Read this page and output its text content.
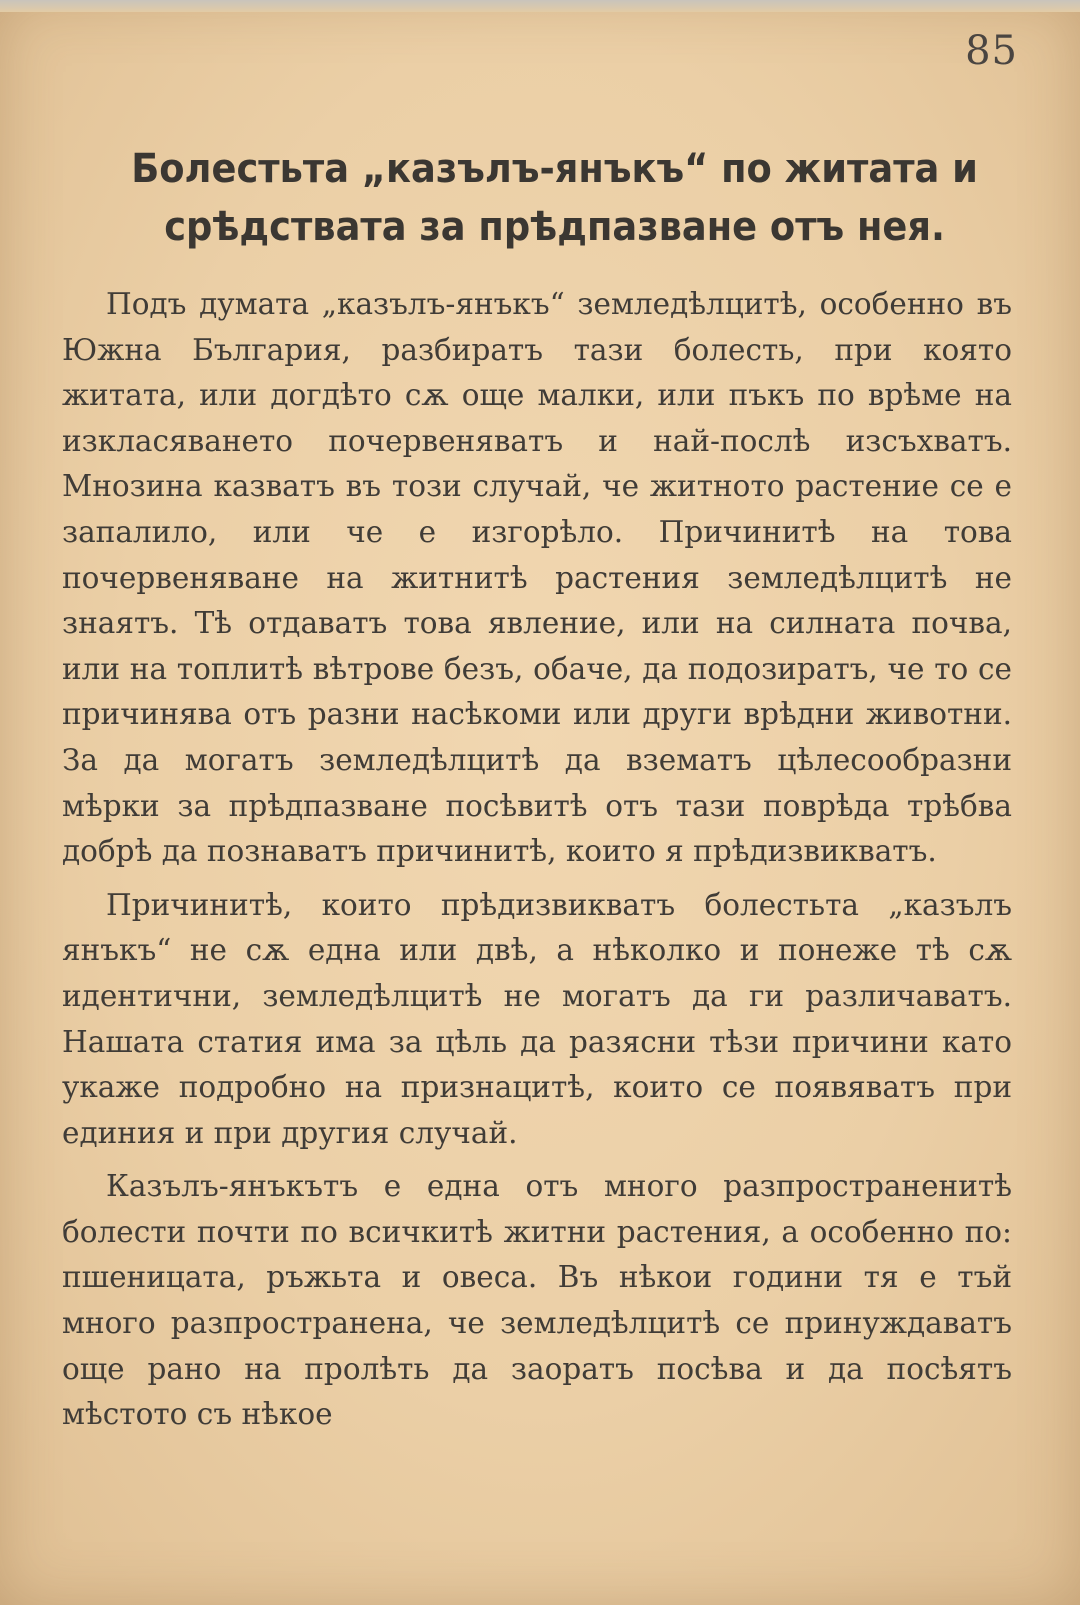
85
Болестьта „казълъ-янъкъ“ по житата и
срѣдствата за прѣдпазване отъ нея.

Подъ думата „казълъ-янъкъ“ земледѣлцитѣ, особенно въ Южна България, разбиратъ тази болесть, при която житата, или догдѣто сѫ още малки, или пъкъ по врѣме на изкласяването почервеняватъ и най-послѣ изсъхватъ. Мнозина казватъ въ този случай, че житното растение се е запалило, или че е изгорѣло. Причинитѣ на това почервеняване на житнитѣ растения земледѣлцитѣ не знаятъ. Тѣ отдаватъ това явление, или на силната почва, или на топлитѣ вѣтрове безъ, обаче, да подозиратъ, че то се причинява отъ разни насѣкоми или други врѣдни животни. За да могатъ земледѣлцитѣ да взематъ цѣлесообразни мѣрки за прѣдпазване посѣвитѣ отъ тази поврѣда трѣбва добрѣ да познаватъ причинитѣ, които я прѣдизвикватъ.

Причинитѣ, които прѣдизвикватъ болестьта „казълъ янъкъ“ не сѫ една или двѣ, а нѣколко и понеже тѣ сѫ идентични, земледѣлцитѣ не могатъ да ги различаватъ. Нашата статия има за цѣль да разясни тѣзи причини като укаже подробно на признацитѣ, които се появяватъ при единия и при другия случай.

Казълъ-янъкътъ е една отъ много разпространенитѣ болести почти по всичкитѣ житни растения, а особенно по: пшеницата, ръжьта и овеса. Въ нѣкои години тя е тъй много разпространена, че земледѣлцитѣ се принуждаватъ още рано на пролѣть да заоратъ посѣва и да посѣятъ мѣстото съ нѣкое
